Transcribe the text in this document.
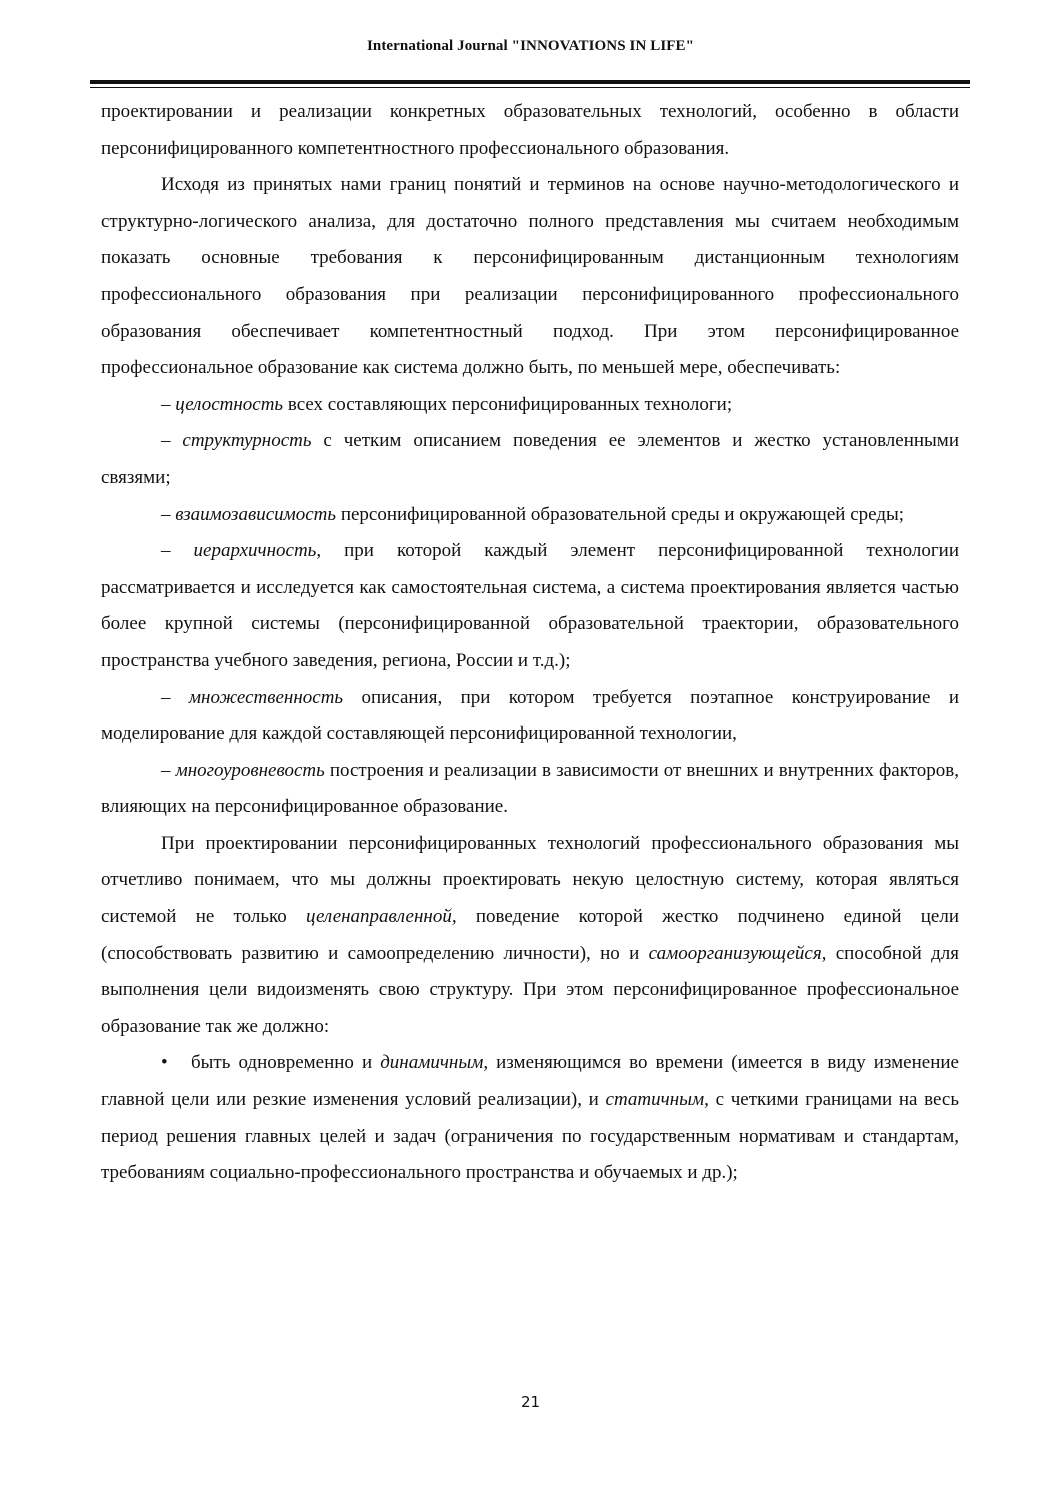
International Journal "INNOVATIONS IN LIFE"

проектировании и реализации конкретных образовательных технологий, особенно в области персонифицированного компетентностного профессионального образования.

Исходя из принятых нами границ понятий и терминов на основе научно-методологического и структурно-логического анализа, для достаточно полного представления мы считаем необходимым показать основные требования к персонифицированным дистанционным технологиям профессионального образования при реализации персонифицированного профессионального образования обеспечивает компетентностный подход. При этом персонифицированное профессиональное образование как система должно быть, по меньшей мере, обеспечивать:

– целостность всех составляющих персонифицированных технологи;

– структурность с четким описанием поведения ее элементов и жестко установленными связями;

– взаимозависимость персонифицированной образовательной среды и окружающей среды;

– иерархичность, при которой каждый элемент персонифицированной технологии рассматривается и исследуется как самостоятельная система, а система проектирования является частью более крупной системы (персонифицированной образовательной траектории, образовательного пространства учебного заведения, региона, России и т.д.);

– множественность описания, при котором требуется поэтапное конструирование и моделирование для каждой составляющей персонифицированной технологии,

– многоуровневость построения и реализации в зависимости от внешних и внутренних факторов, влияющих на персонифицированное образование.

При проектировании персонифицированных технологий профессионального образования мы отчетливо понимаем, что мы должны проектировать некую целостную систему, которая являться системой не только целенаправленной, поведение которой жестко подчинено единой цели (способствовать развитию и самоопределению личности), но и самоорганизующейся, способной для выполнения цели видоизменять свою структуру. При этом персонифицированное профессиональное образование так же должно:

• быть одновременно и динамичным, изменяющимся во времени (имеется в виду изменение главной цели или резкие изменения условий реализации), и статичным, с четкими границами на весь период решения главных целей и задач (ограничения по государственным нормативам и стандартам, требованиям социально-профессионального пространства и обучаемых и др.);

21
